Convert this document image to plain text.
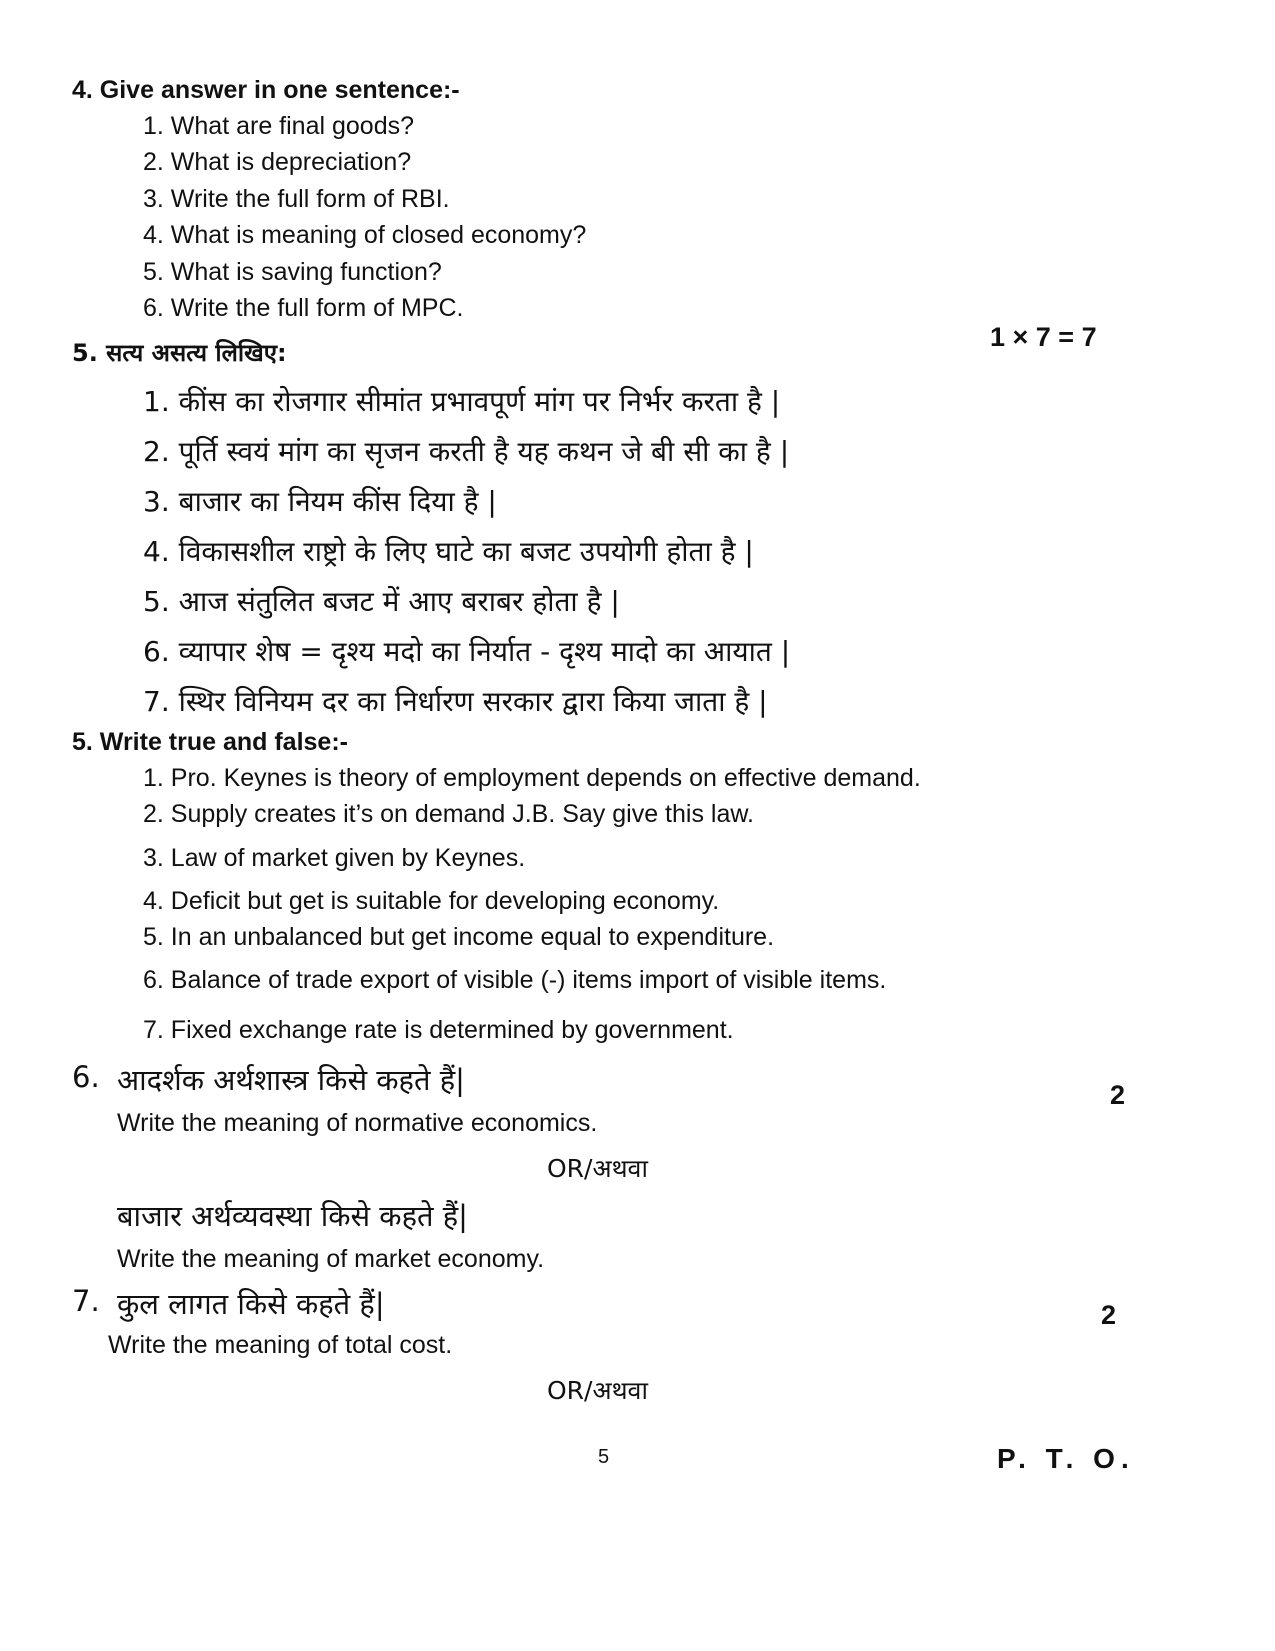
4. Give answer in one sentence:-
1. What are final goods?
2. What is depreciation?
3. Write the full form of RBI.
4. What is meaning of closed economy?
5. What is saving function?
6. Write the full form of MPC.
5. सत्य असत्य लिखिए:
1 × 7 = 7
1. कींस का रोजगार सीमांत प्रभावपूर्ण मांग पर निर्भर करता है |
2. पूर्ति स्वयं मांग का सृजन करती है यह कथन जे बी सी का है |
3. बाजार का नियम कींस दिया है |
4. विकासशील राष्ट्रो के लिए घाटे का बजट उपयोगी होता है |
5. आज संतुलित बजट में आए बराबर होता है |
6. व्यापार शेष = दृश्य मदो का निर्यात - दृश्य मादो का आयात |
7. स्थिर विनियम दर का निर्धारण सरकार द्वारा किया जाता है |
5. Write true and false:-
1. Pro. Keynes is theory of employment depends on effective demand.
2. Supply creates it’s on demand J.B. Say give this law.
3. Law of market given by Keynes.
4. Deficit but get is suitable for developing economy.
5. In an unbalanced but get income equal to expenditure.
6. Balance of trade export of visible (-) items import of visible items.
7. Fixed exchange rate is determined by government.
6. आदर्शक अर्थशास्त्र किसे कहते हैं|	2
Write the meaning of normative economics.
OR/अथवा
बाजार अर्थव्यवस्था किसे कहते हैं|
Write the meaning of market economy.
7. कुल लागत किसे कहते हैं|	2
Write the meaning of total cost.
OR/अथवा
5	P. T. O.
